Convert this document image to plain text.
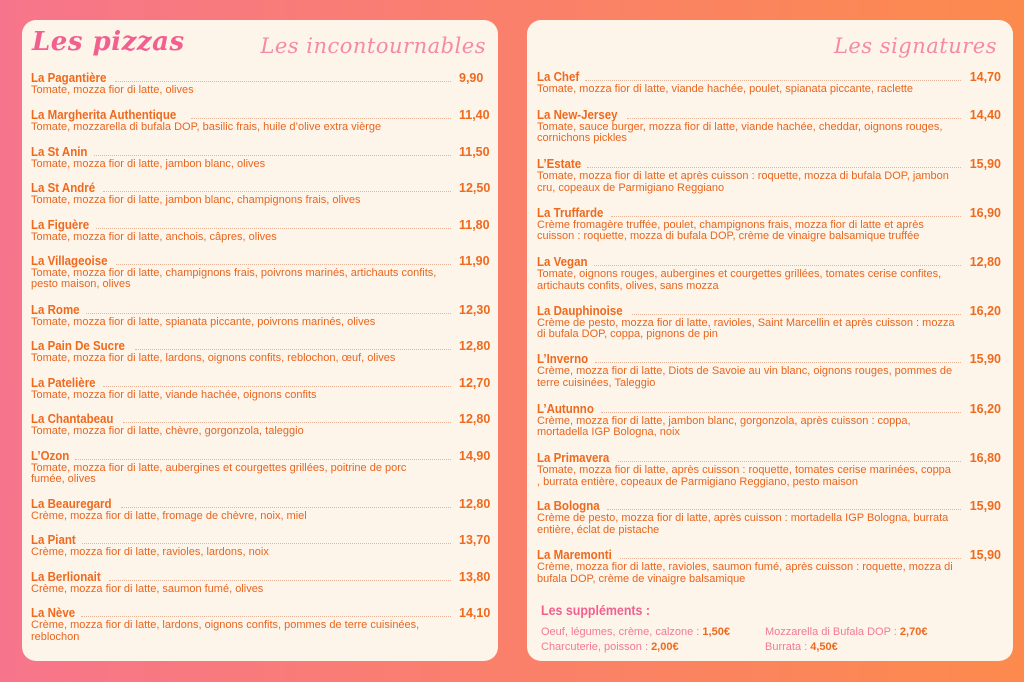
Les pizzas	Les incontournables
La Pagantière	9,90
Tomate, mozza fior di latte, olives
La Margherita Authentique	11,40
Tomate, mozzarella di bufala DOP, basilic frais, huile d’olive extra vièrge
La St Anin	11,50
Tomate, mozza fior di latte, jambon blanc, olives
La St André	12,50
Tomate, mozza fior di latte, jambon blanc, champignons frais, olives
La Figuère	11,80
Tomate, mozza fior di latte, anchois, câpres, olives
La Villageoise	11,90
Tomate, mozza fior di latte, champignons frais, poivrons marinés, artichauts confits, pesto maison, olives
La Rome	12,30
Tomate, mozza fior di latte, spianata piccante, poivrons marinés, olives
La Pain De Sucre	12,80
Tomate, mozza fior di latte, lardons, oignons confits, reblochon, œuf, olives
La Patelière	12,70
Tomate, mozza fior di latte, viande hachée, oignons confits
La Chantabeau	12,80
Tomate, mozza fior di latte, chèvre, gorgonzola, taleggio
L’Ozon	14,90
Tomate, mozza fior di latte, aubergines et courgettes grillées, poitrine de porc fumée, olives
La Beauregard	12,80
Crème, mozza fior di latte, fromage de chèvre, noix, miel
La Piant	13,70
Crème, mozza fior di latte, ravioles, lardons, noix
La Berlionait	13,80
Crème, mozza fior di latte, saumon fumé, olives
La Nève	14,10
Crème, mozza fior di latte, lardons, oignons confits, pommes de terre cuisinées, reblochon
Les signatures
La Chef	14,70
Tomate, mozza fior di latte, viande hachée, poulet, spianata piccante, raclette
La New-Jersey	14,40
Tomate, sauce burger, mozza fior di latte, viande hachée, cheddar, oignons rouges, cornichons pickles
L’Estate	15,90
Tomate, mozza fior di latte et après cuisson : roquette, mozza di bufala DOP, jambon cru, copeaux de Parmigiano Reggiano
La Truffarde	16,90
Crème fromagère truffée, poulet, champignons frais, mozza fior di latte et après cuisson : roquette, mozza di bufala DOP, crème de vinaigre balsamique truffée
La Vegan	12,80
Tomate, oignons rouges, aubergines et courgettes grillées, tomates cerise confites, artichauts confits, olives, sans mozza
La Dauphinoise	16,20
Crème de pesto, mozza fior di latte, ravioles, Saint Marcellin et après cuisson : mozza di bufala DOP, coppa, pignons de pin
L’Inverno	15,90
Crème, mozza fior di latte, Diots de Savoie au vin blanc, oignons rouges, pommes de terre cuisinées, Taleggio
L’Autunno	16,20
Crème, mozza fior di latte, jambon blanc, gorgonzola, après cuisson : coppa, mortadella IGP Bologna, noix
La Primavera	16,80
Tomate, mozza fior di latte, après cuisson : roquette, tomates cerise marinées, coppa , burrata entière, copeaux de Parmigiano Reggiano, pesto maison
La Bologna	15,90
Crème de pesto, mozza fior di latte, après cuisson : mortadella IGP Bologna, burrata entière, éclat de pistache
La Maremonti	15,90
Crème, mozza fior di latte, ravioles, saumon fumé, après cuisson : roquette, mozza di bufala DOP, crème de vinaigre balsamique
Les suppléments :
Oeuf, légumes, crème, calzone : 1,50€	Mozzarella di Bufala DOP : 2,70€
Charcuterie, poisson : 2,00€	Burrata : 4,50€
